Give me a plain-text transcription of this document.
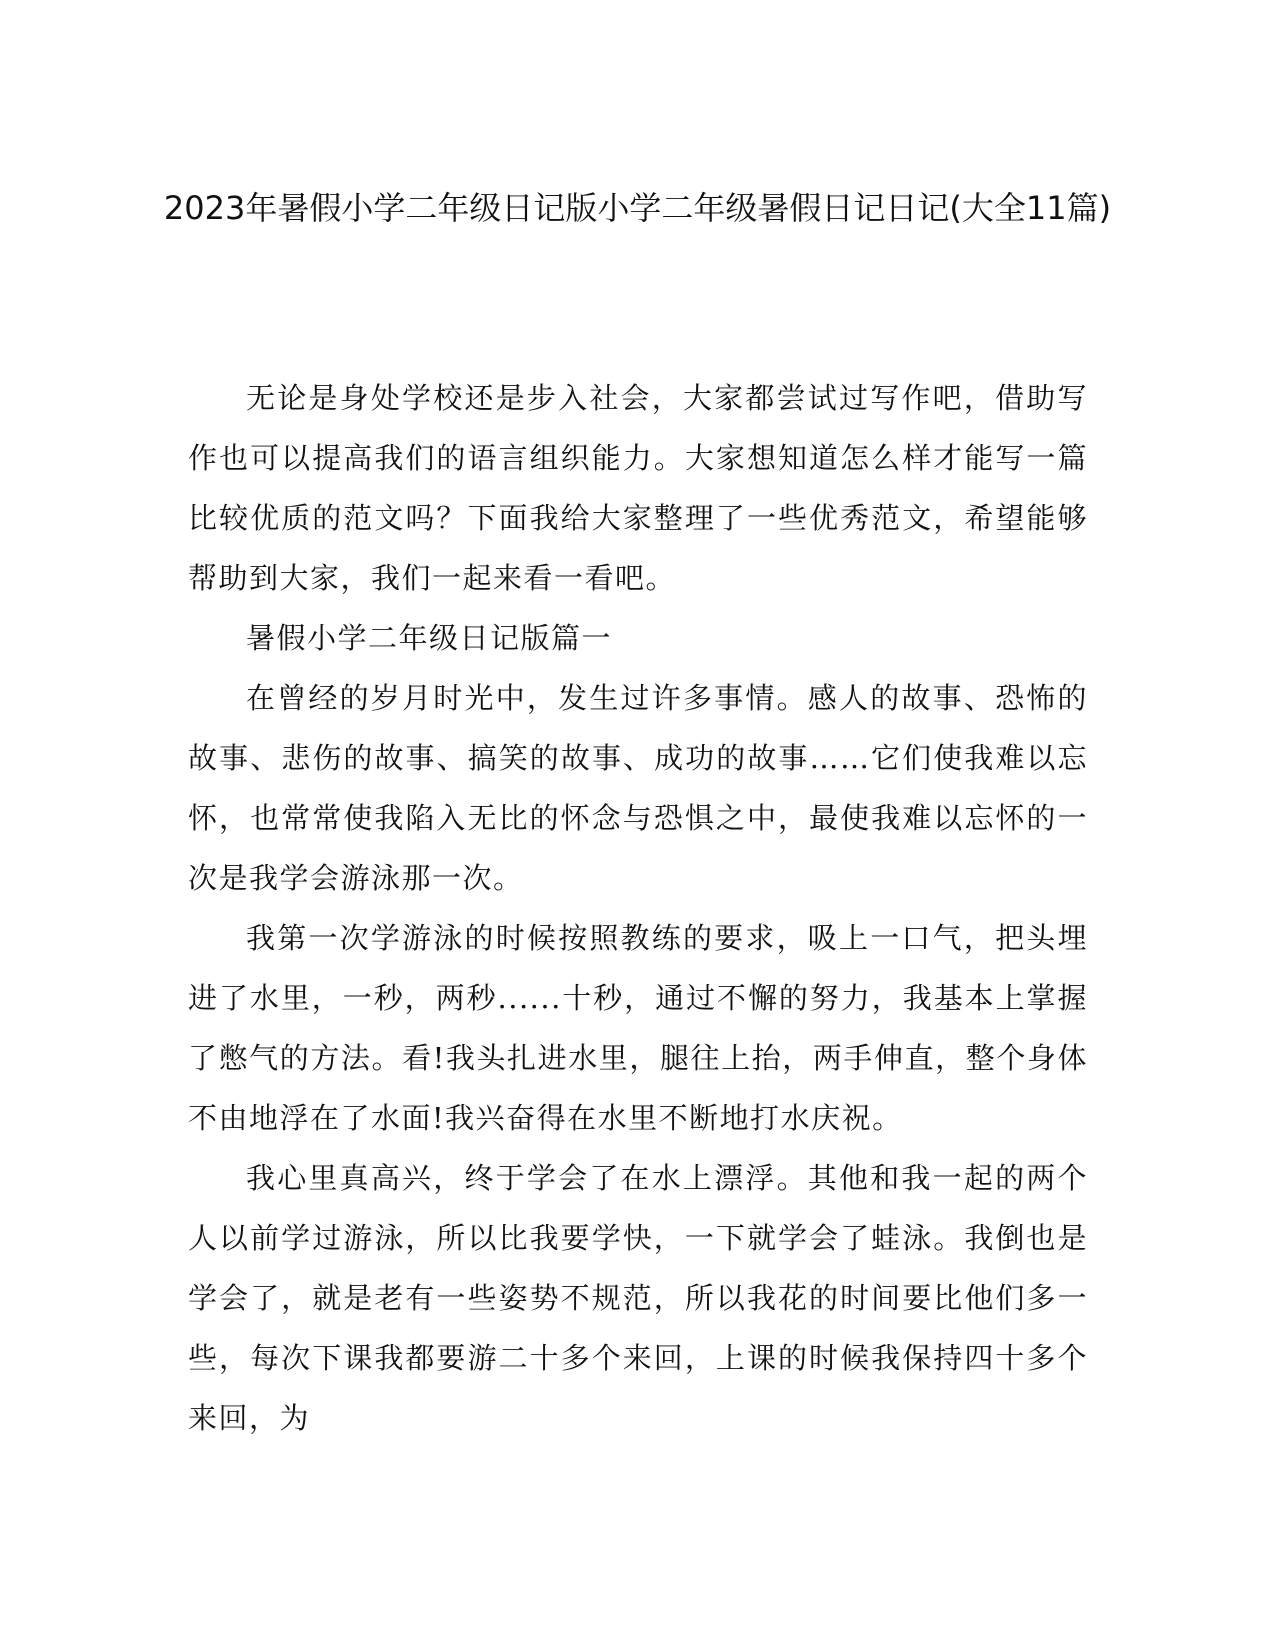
2023年暑假小学二年级日记版小学二年级暑假日记日记(大全11篇)

无论是身处学校还是步入社会，大家都尝试过写作吧，借助写作也可以提高我们的语言组织能力。大家想知道怎么样才能写一篇比较优质的范文吗？下面我给大家整理了一些优秀范文，希望能够帮助到大家，我们一起来看一看吧。

暑假小学二年级日记版篇一

在曾经的岁月时光中，发生过许多事情。感人的故事、恐怖的故事、悲伤的故事、搞笑的故事、成功的故事……它们使我难以忘怀，也常常使我陷入无比的怀念与恐惧之中，最使我难以忘怀的一次是我学会游泳那一次。

我第一次学游泳的时候按照教练的要求，吸上一口气，把头埋进了水里，一秒，两秒......十秒，通过不懈的努力，我基本上掌握了憋气的方法。看!我头扎进水里，腿往上抬，两手伸直，整个身体不由地浮在了水面!我兴奋得在水里不断地打水庆祝。

我心里真高兴，终于学会了在水上漂浮。其他和我一起的两个人以前学过游泳，所以比我要学快，一下就学会了蛙泳。我倒也是学会了，就是老有一些姿势不规范，所以我花的时间要比他们多一些，每次下课我都要游二十多个来回，上课的时候我保持四十多个来回，为
